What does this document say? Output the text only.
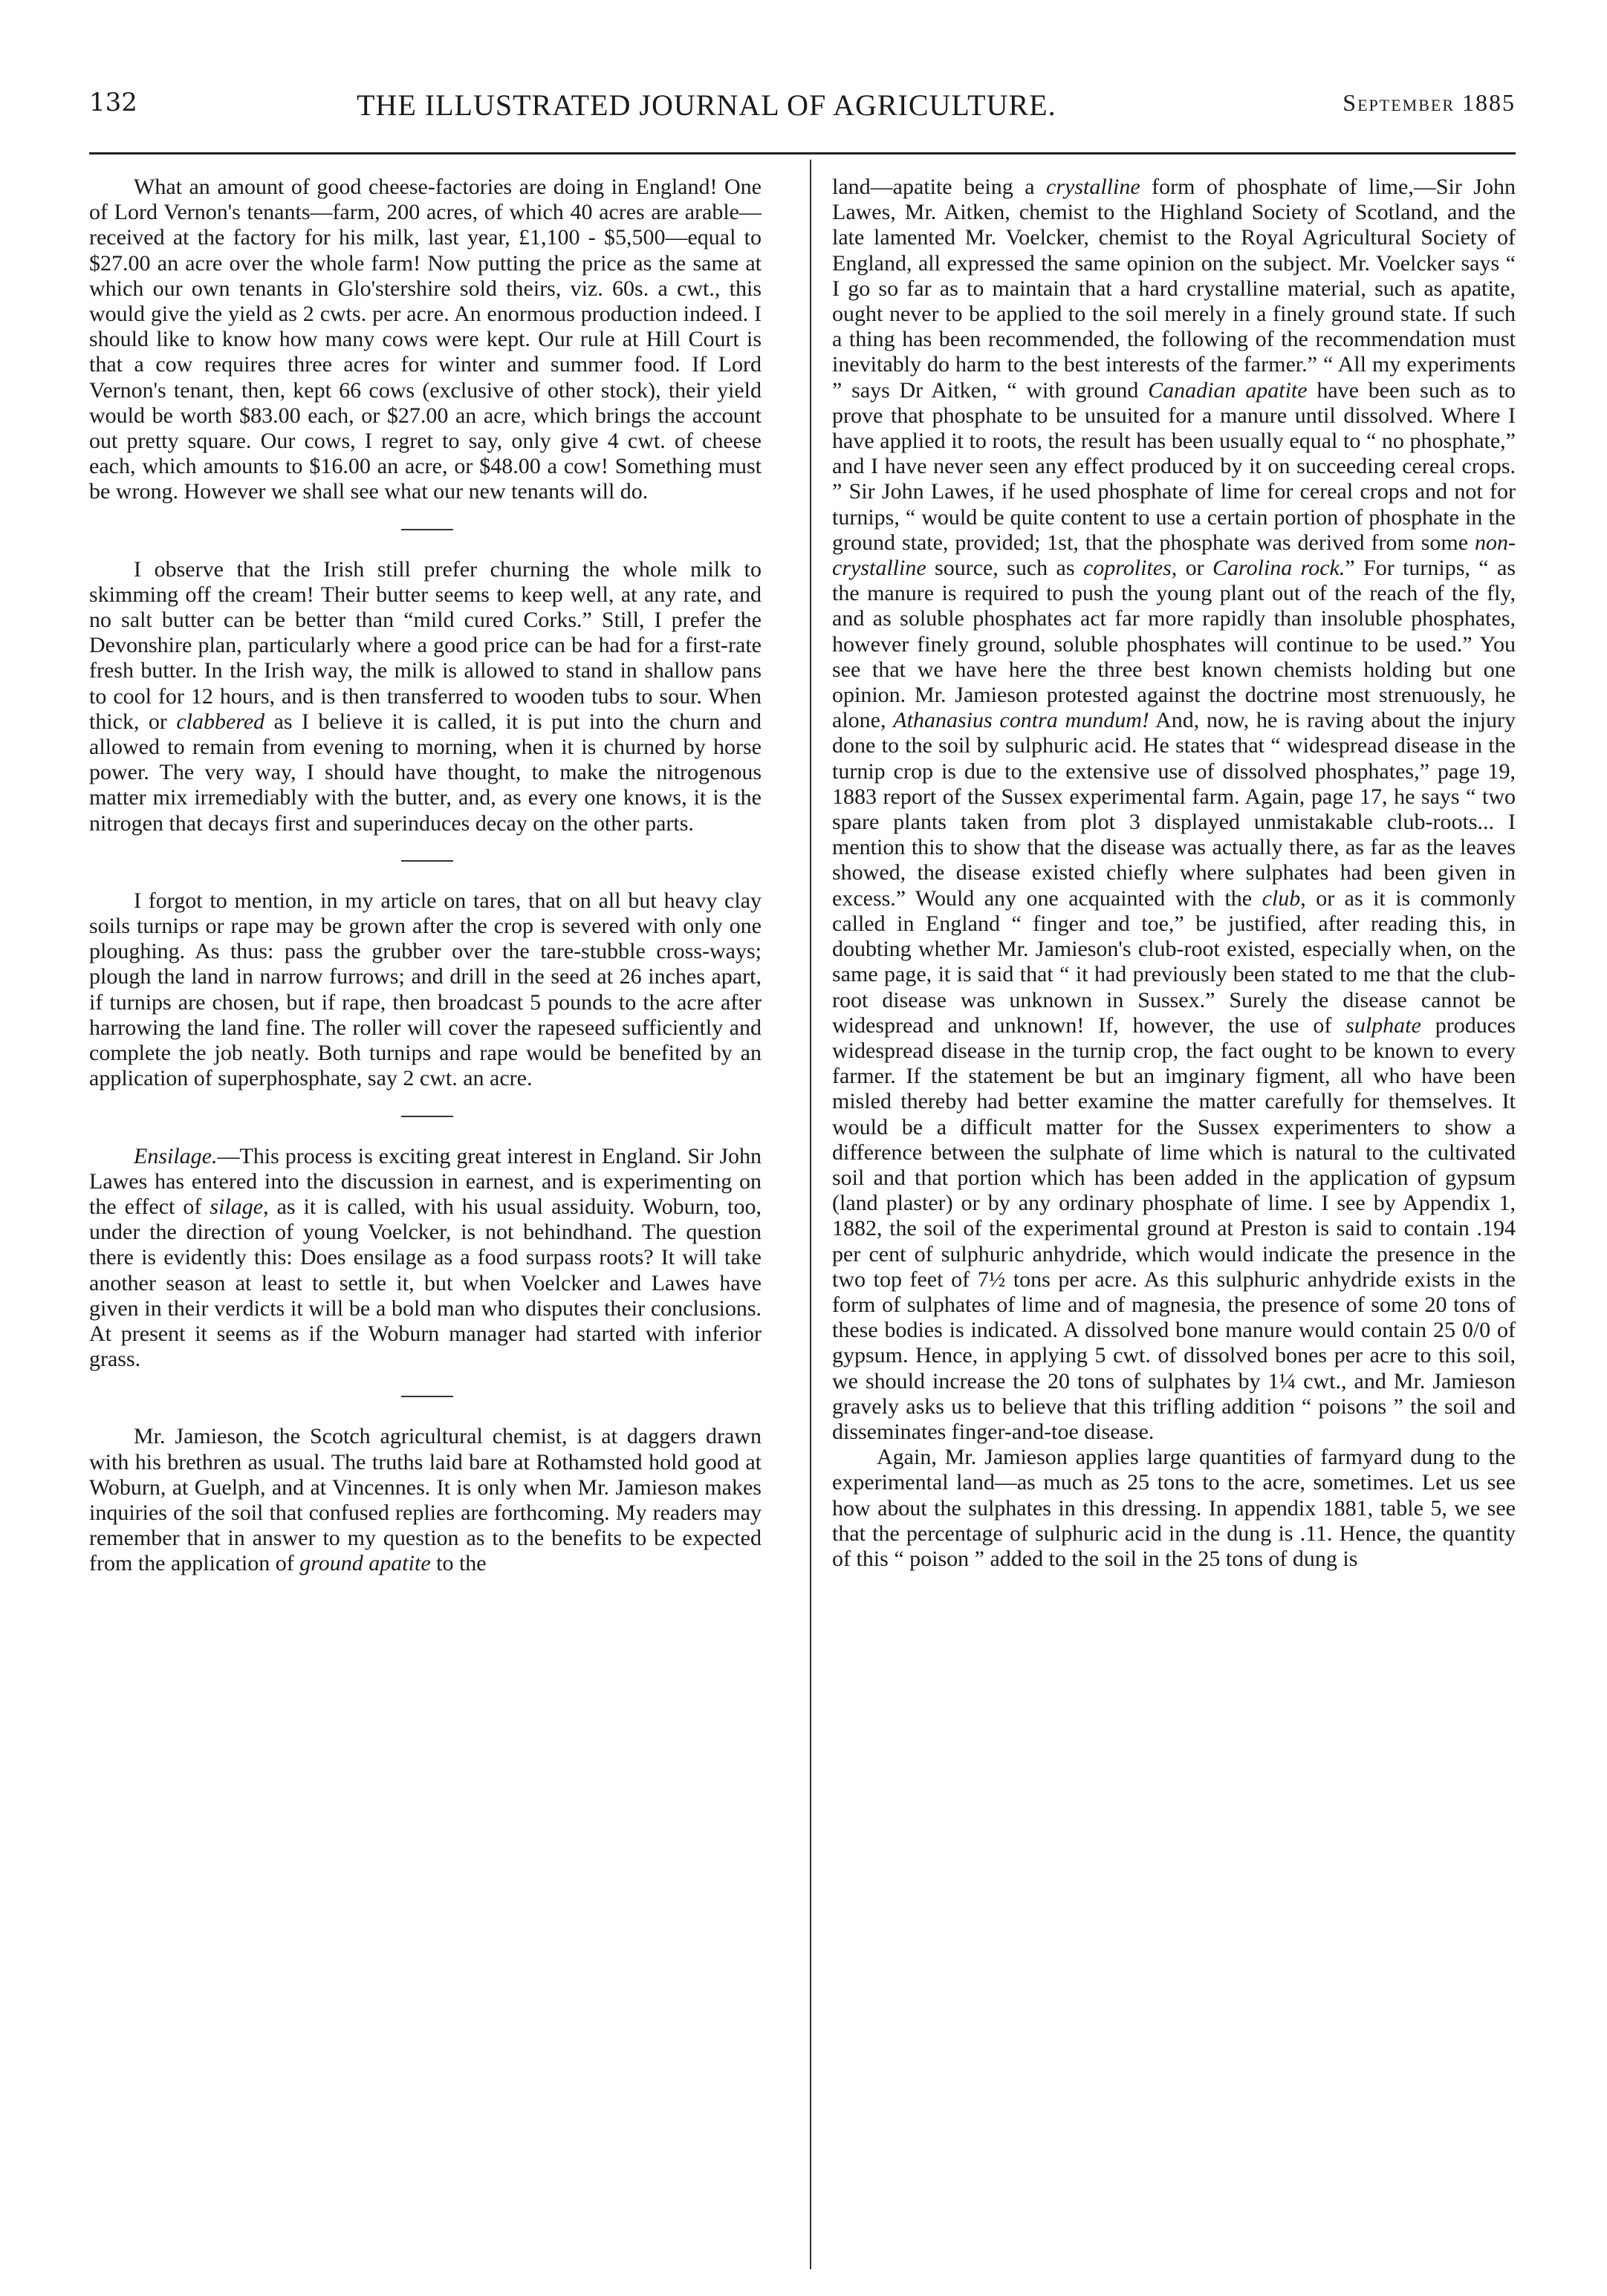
132	THE ILLUSTRATED JOURNAL OF AGRICULTURE.	September 1885

What an amount of good cheese-factories are doing in England! One of Lord Vernon's tenants—farm, 200 acres, of which 40 acres are arable—received at the factory for his milk, last year, £1,100 - $5,500—equal to $27.00 an acre over the whole farm! Now putting the price as the same at which our own tenants in Glo'stershire sold theirs, viz. 60s. a cwt., this would give the yield as 2 cwts. per acre. An enormous production indeed. I should like to know how many cows were kept. Our rule at Hill Court is that a cow requires three acres for winter and summer food. If Lord Vernon's tenant, then, kept 66 cows (exclusive of other stock), their yield would be worth $83.00 each, or $27.00 an acre, which brings the account out pretty square. Our cows, I regret to say, only give 4 cwt. of cheese each, which amounts to $16.00 an acre, or $48.00 a cow! Something must be wrong. However we shall see what our new tenants will do.

I observe that the Irish still prefer churning the whole milk to skimming off the cream! Their butter seems to keep well, at any rate, and no salt butter can be better than “mild cured Corks.” Still, I prefer the Devonshire plan, particularly where a good price can be had for a first-rate fresh butter. In the Irish way, the milk is allowed to stand in shallow pans to cool for 12 hours, and is then transferred to wooden tubs to sour. When thick, or clabbered as I believe it is called, it is put into the churn and allowed to remain from evening to morning, when it is churned by horse power. The very way, I should have thought, to make the nitrogenous matter mix irremediably with the butter, and, as every one knows, it is the nitrogen that decays first and superinduces decay on the other parts.

I forgot to mention, in my article on tares, that on all but heavy clay soils turnips or rape may be grown after the crop is severed with only one ploughing. As thus: pass the grubber over the tare-stubble cross-ways; plough the land in narrow furrows; and drill in the seed at 26 inches apart, if turnips are chosen, but if rape, then broadcast 5 pounds to the acre after harrowing the land fine. The roller will cover the rapeseed sufficiently and complete the job neatly. Both turnips and rape would be benefited by an application of superphosphate, say 2 cwt. an acre.

Ensilage.—This process is exciting great interest in England. Sir John Lawes has entered into the discussion in earnest, and is experimenting on the effect of silage, as it is called, with his usual assiduity. Woburn, too, under the direction of young Voelcker, is not behindhand. The question there is evidently this: Does ensilage as a food surpass roots? It will take another season at least to settle it, but when Voelcker and Lawes have given in their verdicts it will be a bold man who disputes their conclusions. At present it seems as if the Woburn manager had started with inferior grass.

Mr. Jamieson, the Scotch agricultural chemist, is at daggers drawn with his brethren as usual. The truths laid bare at Rothamsted hold good at Woburn, at Guelph, and at Vincennes. It is only when Mr. Jamieson makes inquiries of the soil that confused replies are forthcoming. My readers may remember that in answer to my question as to the benefits to be expected from the application of ground apatite to the

land—apatite being a crystalline form of phosphate of lime,—Sir John Lawes, Mr. Aitken, chemist to the Highland Society of Scotland, and the late lamented Mr. Voelcker, chemist to the Royal Agricultural Society of England, all expressed the same opinion on the subject. Mr. Voelcker says “ I go so far as to maintain that a hard crystalline material, such as apatite, ought never to be applied to the soil merely in a finely ground state. If such a thing has been recommended, the following of the recommendation must inevitably do harm to the best interests of the farmer.” “ All my experiments ” says Dr Aitken, “ with ground Canadian apatite have been such as to prove that phosphate to be unsuited for a manure until dissolved. Where I have applied it to roots, the result has been usually equal to “ no phosphate,” and I have never seen any effect produced by it on succeeding cereal crops. ” Sir John Lawes, if he used phosphate of lime for cereal crops and not for turnips, “ would be quite content to use a certain portion of phosphate in the ground state, provided; 1st, that the phosphate was derived from some non-crystalline source, such as coprolites, or Carolina rock.” For turnips, “ as the manure is required to push the young plant out of the reach of the fly, and as soluble phosphates act far more rapidly than insoluble phosphates, however finely ground, soluble phosphates will continue to be used.” You see that we have here the three best known chemists holding but one opinion. Mr. Jamieson protested against the doctrine most strenuously, he alone, Athanasius contra mundum! And, now, he is raving about the injury done to the soil by sulphuric acid. He states that “ widespread disease in the turnip crop is due to the extensive use of dissolved phosphates,” page 19, 1883 report of the Sussex experimental farm. Again, page 17, he says “ two spare plants taken from plot 3 displayed unmistakable club-roots... I mention this to show that the disease was actually there, as far as the leaves showed, the disease existed chiefly where sulphates had been given in excess.” Would any one acquainted with the club, or as it is commonly called in England “ finger and toe,” be justified, after reading this, in doubting whether Mr. Jamieson's club-root existed, especially when, on the same page, it is said that “ it had previously been stated to me that the club-root disease was unknown in Sussex.” Surely the disease cannot be widespread and unknown! If, however, the use of sulphate produces widespread disease in the turnip crop, the fact ought to be known to every farmer. If the statement be but an imginary figment, all who have been misled thereby had better examine the matter carefully for themselves. It would be a difficult matter for the Sussex experimenters to show a difference between the sulphate of lime which is natural to the cultivated soil and that portion which has been added in the application of gypsum (land plaster) or by any ordinary phosphate of lime. I see by Appendix 1, 1882, the soil of the experimental ground at Preston is said to contain .194 per cent of sulphuric anhydride, which would indicate the presence in the two top feet of 7½ tons per acre. As this sulphuric anhydride exists in the form of sulphates of lime and of magnesia, the presence of some 20 tons of these bodies is indicated. A dissolved bone manure would contain 25 0/0 of gypsum. Hence, in applying 5 cwt. of dissolved bones per acre to this soil, we should increase the 20 tons of sulphates by 1¼ cwt., and Mr. Jamieson gravely asks us to believe that this trifling addition “ poisons ” the soil and disseminates finger-and-toe disease.

Again, Mr. Jamieson applies large quantities of farmyard dung to the experimental land—as much as 25 tons to the acre, sometimes. Let us see how about the sulphates in this dressing. In appendix 1881, table 5, we see that the percentage of sulphuric acid in the dung is .11. Hence, the quantity of this “ poison ” added to the soil in the 25 tons of dung is
